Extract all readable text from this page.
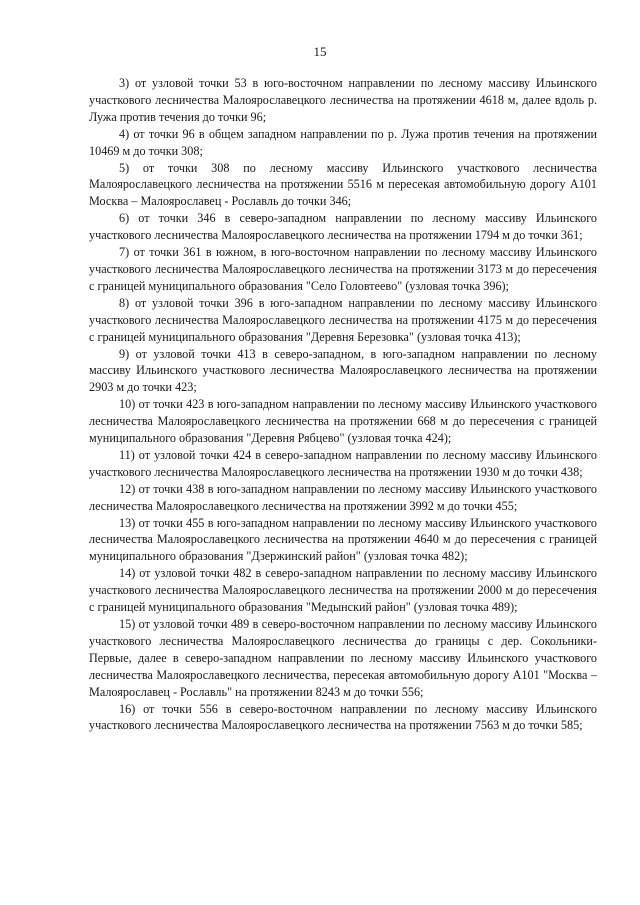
15

3) от узловой точки 53 в юго-восточном направлении по лесному массиву Ильинского участкового лесничества Малоярославецкого лесничества на протяжении 4618 м, далее вдоль р. Лужа против течения до точки 96;

4) от точки 96 в общем западном направлении по р. Лужа против течения на протяжении 10469 м до точки 308;

5) от точки 308 по лесному массиву Ильинского участкового лесничества Малоярославецкого лесничества на протяжении 5516 м пересекая автомобильную дорогу А101 Москва – Малоярославец - Рославль до точки 346;

6) от точки 346 в северо-западном направлении по лесному массиву Ильинского участкового лесничества Малоярославецкого лесничества на протяжении 1794 м до точки 361;

7) от точки 361 в южном, в юго-восточном направлении по лесному массиву Ильинского участкового лесничества Малоярославецкого лесничества на протяжении 3173 м до пересечения с границей муниципального образования "Село Головтеево" (узловая точка 396);

8) от узловой точки 396 в юго-западном направлении по лесному массиву Ильинского участкового лесничества Малоярославецкого лесничества на протяжении 4175 м до пересечения с границей муниципального образования "Деревня Березовка" (узловая точка 413);

9) от узловой точки 413 в северо-западном, в юго-западном направлении по лесному массиву Ильинского участкового лесничества Малоярославецкого лесничества на протяжении 2903 м до точки 423;

10) от точки 423 в юго-западном направлении по лесному массиву Ильинского участкового лесничества Малоярославецкого лесничества на протяжении 668 м до пересечения с границей муниципального образования "Деревня Рябцево" (узловая точка 424);

11) от узловой точки 424 в северо-западном направлении по лесному массиву Ильинского участкового лесничества Малоярославецкого лесничества на протяжении 1930 м до точки 438;

12) от точки 438 в юго-западном направлении по лесному массиву Ильинского участкового лесничества Малоярославецкого лесничества на протяжении 3992 м до точки 455;

13) от точки 455 в юго-западном направлении по лесному массиву Ильинского участкового лесничества Малоярославецкого лесничества на протяжении 4640 м до пересечения с границей муниципального образования "Дзержинский район" (узловая точка 482);

14) от узловой точки 482 в северо-западном направлении по лесному массиву Ильинского участкового лесничества Малоярославецкого лесничества на протяжении 2000 м до пересечения с границей муниципального образования "Медынский район" (узловая точка 489);

15) от узловой точки 489 в северо-восточном направлении по лесному массиву Ильинского участкового лесничества Малоярославецкого лесничества до границы с дер. Сокольники-Первые, далее в северо-западном направлении по лесному массиву Ильинского участкового лесничества Малоярославецкого лесничества, пересекая автомобильную дорогу А101 "Москва – Малоярославец - Рославль" на протяжении 8243 м до точки 556;

16) от точки 556 в северо-восточном направлении по лесному массиву Ильинского участкового лесничества Малоярославецкого лесничества на протяжении 7563 м до точки 585;
